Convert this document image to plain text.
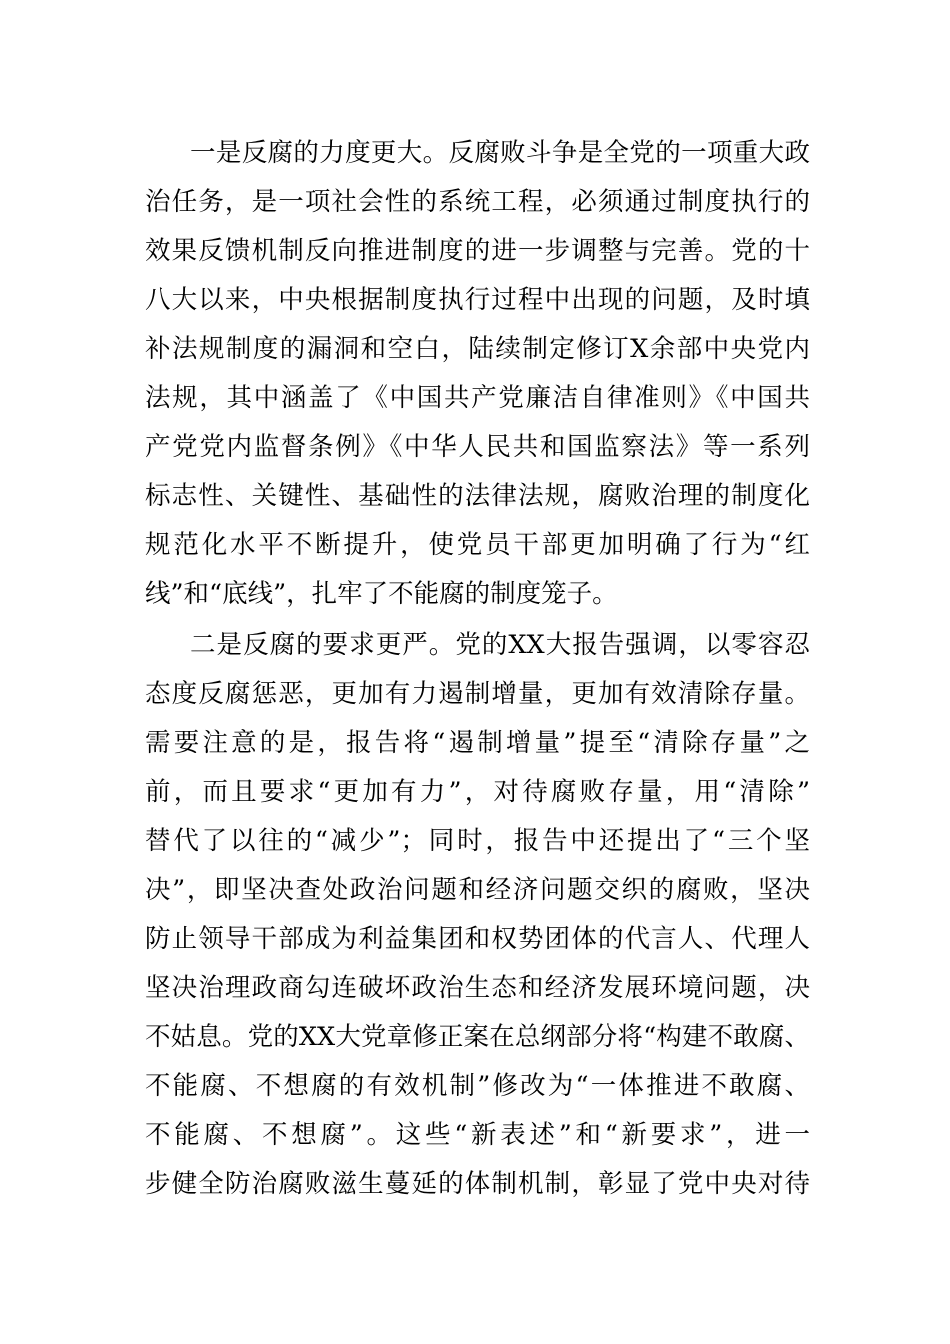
一是反腐的力度更大。反腐败斗争是全党的一项重大政
治任务，是一项社会性的系统工程，必须通过制度执行的
效果反馈机制反向推进制度的进一步调整与完善。党的十
八大以来，中央根据制度执行过程中出现的问题，及时填
补法规制度的漏洞和空白，陆续制定修订X余部中央党内
法规，其中涵盖了《中国共产党廉洁自律准则》《中国共
产党党内监督条例》《中华人民共和国监察法》等一系列
标志性、关键性、基础性的法律法规，腐败治理的制度化
规范化水平不断提升，使党员干部更加明确了行为“红
线”和“底线”，扎牢了不能腐的制度笼子。
二是反腐的要求更严。党的XX大报告强调，以零容忍
态度反腐惩恶，更加有力遏制增量，更加有效清除存量。
需要注意的是，报告将“遏制增量”提至“清除存量”之
前，而且要求“更加有力”，对待腐败存量，用“清除”
替代了以往的“减少”；同时，报告中还提出了“三个坚
决”，即坚决查处政治问题和经济问题交织的腐败，坚决
防止领导干部成为利益集团和权势团体的代言人、代理人
坚决治理政商勾连破坏政治生态和经济发展环境问题，决
不姑息。党的XX大党章修正案在总纲部分将“构建不敢腐、
不能腐、不想腐的有效机制”修改为“一体推进不敢腐、
不能腐、不想腐”。这些“新表述”和“新要求”，进一
步健全防治腐败滋生蔓延的体制机制，彰显了党中央对待
